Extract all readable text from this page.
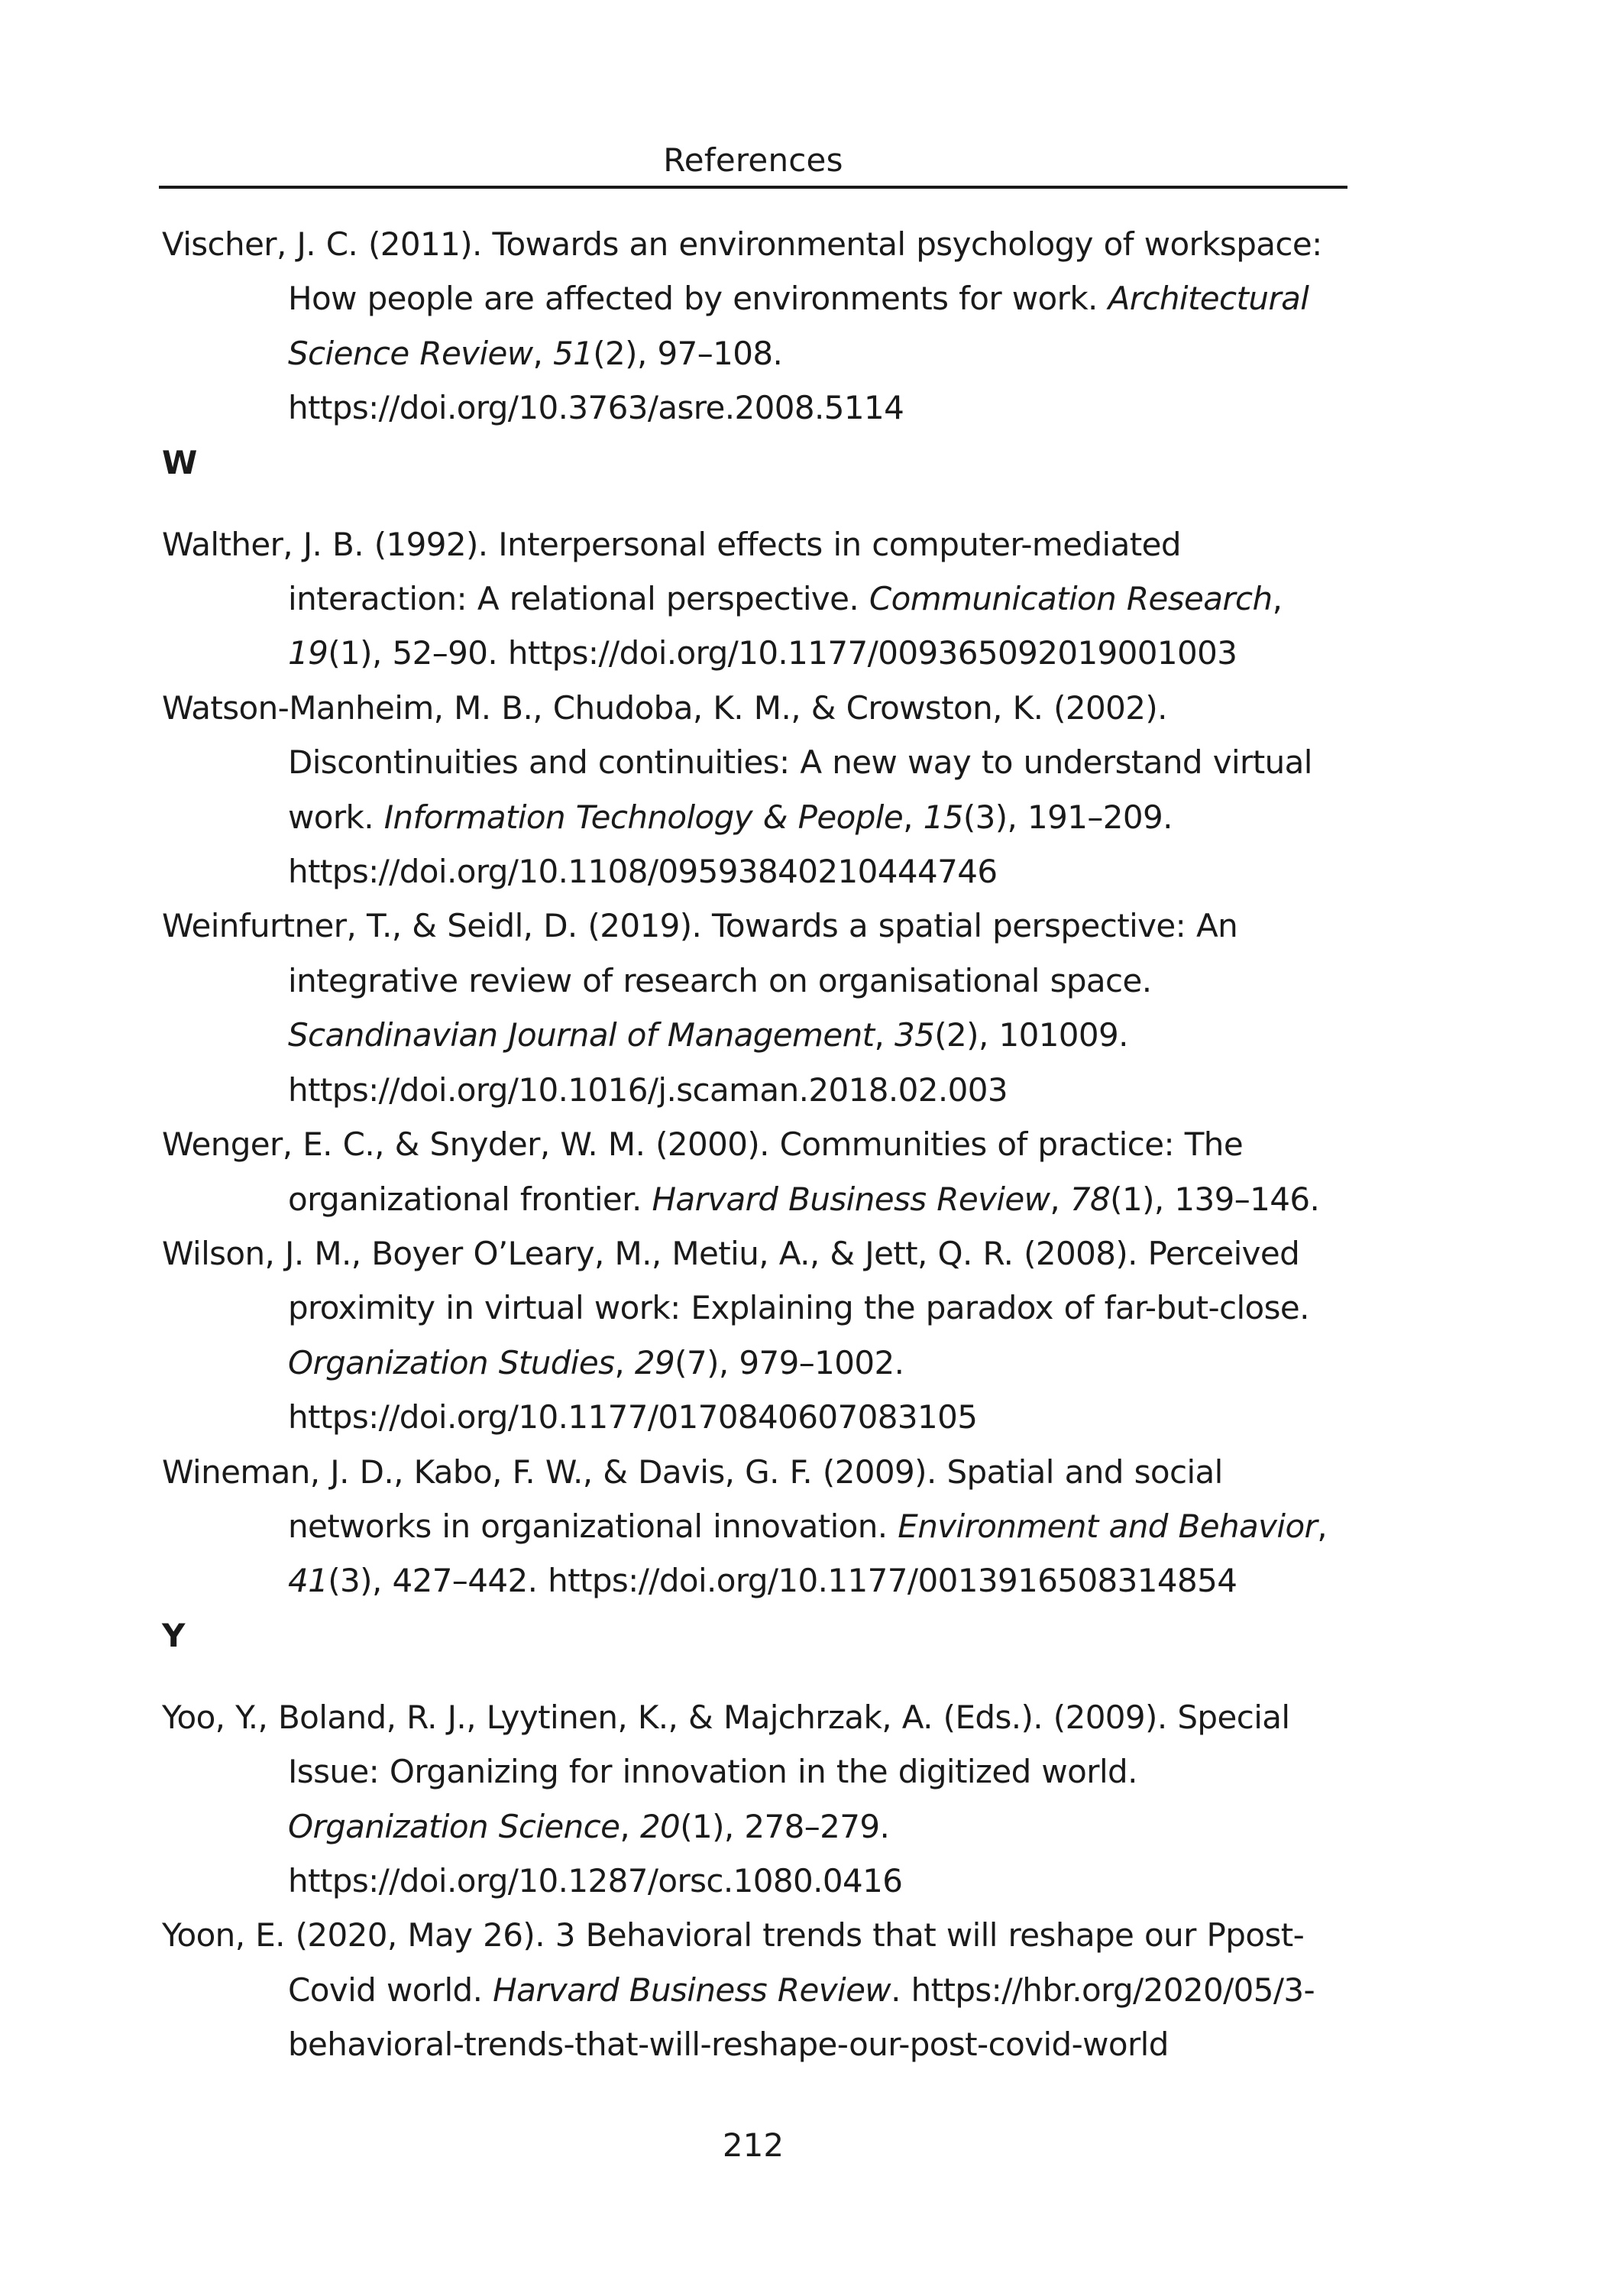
References

Vischer, J. C. (2011). Towards an environmental psychology of workspace:
How people are affected by environments for work. Architectural
Science Review, 51(2), 97–108.
https://doi.org/10.3763/asre.2008.5114

W

Walther, J. B. (1992). Interpersonal effects in computer-mediated
interaction: A relational perspective. Communication Research,
19(1), 52–90. https://doi.org/10.1177/009365092019001003

Watson-Manheim, M. B., Chudoba, K. M., & Crowston, K. (2002).
Discontinuities and continuities: A new way to understand virtual
work. Information Technology & People, 15(3), 191–209.
https://doi.org/10.1108/09593840210444746

Weinfurtner, T., & Seidl, D. (2019). Towards a spatial perspective: An
integrative review of research on organisational space.
Scandinavian Journal of Management, 35(2), 101009.
https://doi.org/10.1016/j.scaman.2018.02.003

Wenger, E. C., & Snyder, W. M. (2000). Communities of practice: The
organizational frontier. Harvard Business Review, 78(1), 139–146.

Wilson, J. M., Boyer O’Leary, M., Metiu, A., & Jett, Q. R. (2008). Perceived
proximity in virtual work: Explaining the paradox of far-but-close.
Organization Studies, 29(7), 979–1002.
https://doi.org/10.1177/0170840607083105

Wineman, J. D., Kabo, F. W., & Davis, G. F. (2009). Spatial and social
networks in organizational innovation. Environment and Behavior,
41(3), 427–442. https://doi.org/10.1177/0013916508314854

Y

Yoo, Y., Boland, R. J., Lyytinen, K., & Majchrzak, A. (Eds.). (2009). Special
Issue: Organizing for innovation in the digitized world.
Organization Science, 20(1), 278–279.
https://doi.org/10.1287/orsc.1080.0416

Yoon, E. (2020, May 26). 3 Behavioral trends that will reshape our Ppost-
Covid world. Harvard Business Review. https://hbr.org/2020/05/3-
behavioral-trends-that-will-reshape-our-post-covid-world

212
